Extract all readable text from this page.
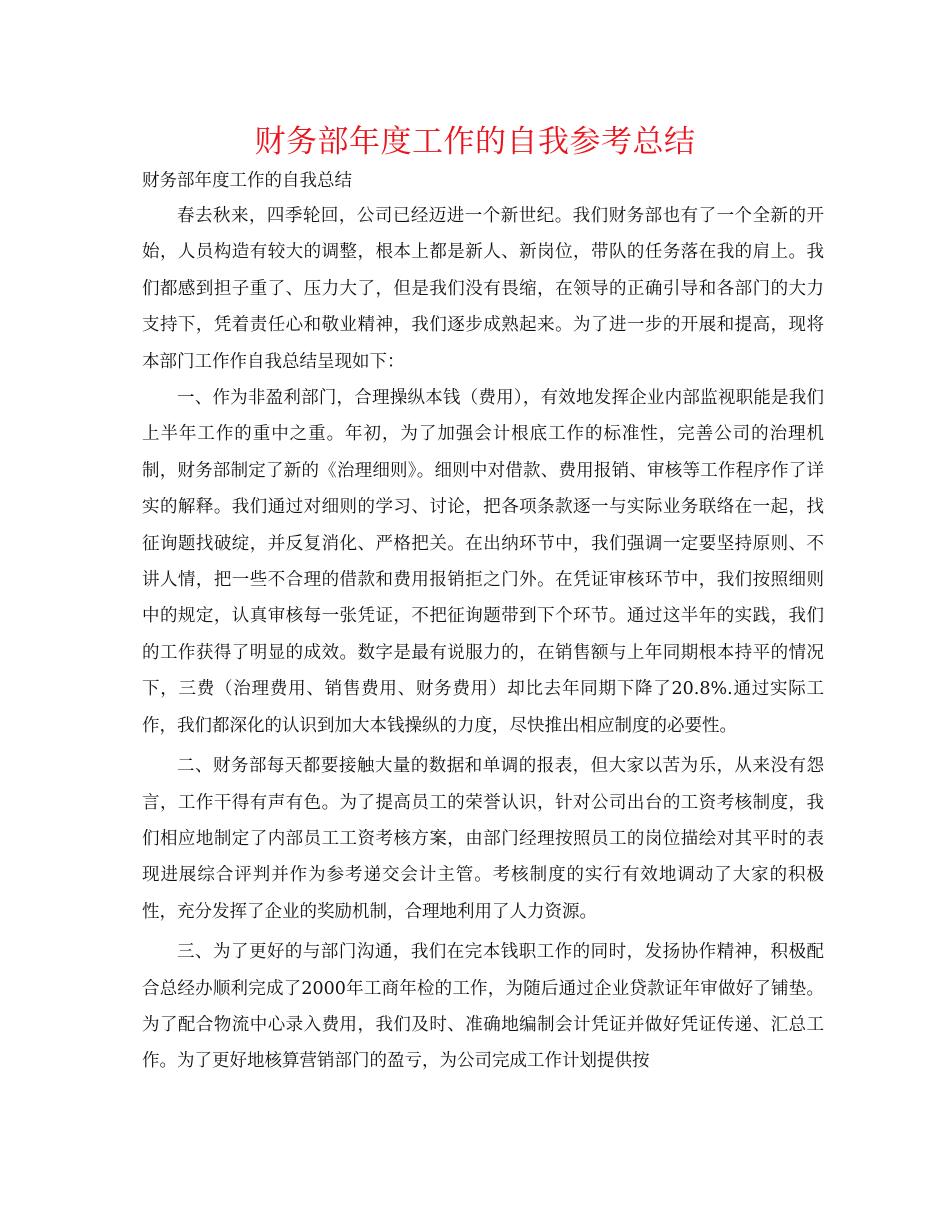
财务部年度工作的自我参考总结

财务部年度工作的自我总结

春去秋来，四季轮回，公司已经迈进一个新世纪。我们财务部也有了一个全新的开始，人员构造有较大的调整，根本上都是新人、新岗位，带队的任务落在我的肩上。我们都感到担子重了、压力大了，但是我们没有畏缩，在领导的正确引导和各部门的大力支持下，凭着责任心和敬业精神，我们逐步成熟起来。为了进一步的开展和提高，现将本部门工作作自我总结呈现如下：

一、作为非盈利部门，合理操纵本钱（费用），有效地发挥企业内部监视职能是我们上半年工作的重中之重。年初，为了加强会计根底工作的标准性，完善公司的治理机制，财务部制定了新的《治理细则》。细则中对借款、费用报销、审核等工作程序作了详实的解释。我们通过对细则的学习、讨论，把各项条款逐一与实际业务联络在一起，找征询题找破绽，并反复消化、严格把关。在出纳环节中，我们强调一定要坚持原则、不讲人情，把一些不合理的借款和费用报销拒之门外。在凭证审核环节中，我们按照细则中的规定，认真审核每一张凭证，不把征询题带到下个环节。通过这半年的实践，我们的工作获得了明显的成效。数字是最有说服力的，在销售额与上年同期根本持平的情况下，三费（治理费用、销售费用、财务费用）却比去年同期下降了20.8%.通过实际工作，我们都深化的认识到加大本钱操纵的力度，尽快推出相应制度的必要性。

二、财务部每天都要接触大量的数据和单调的报表，但大家以苦为乐，从来没有怨言，工作干得有声有色。为了提高员工的荣誉认识，针对公司出台的工资考核制度，我们相应地制定了内部员工工资考核方案，由部门经理按照员工的岗位描绘对其平时的表现进展综合评判并作为参考递交会计主管。考核制度的实行有效地调动了大家的积极性，充分发挥了企业的奖励机制，合理地利用了人力资源。

三、为了更好的与部门沟通，我们在完本钱职工作的同时，发扬协作精神，积极配合总经办顺利完成了2000年工商年检的工作，为随后通过企业贷款证年审做好了铺垫。为了配合物流中心录入费用，我们及时、准确地编制会计凭证并做好凭证传递、汇总工作。为了更好地核算营销部门的盈亏，为公司完成工作计划提供按
